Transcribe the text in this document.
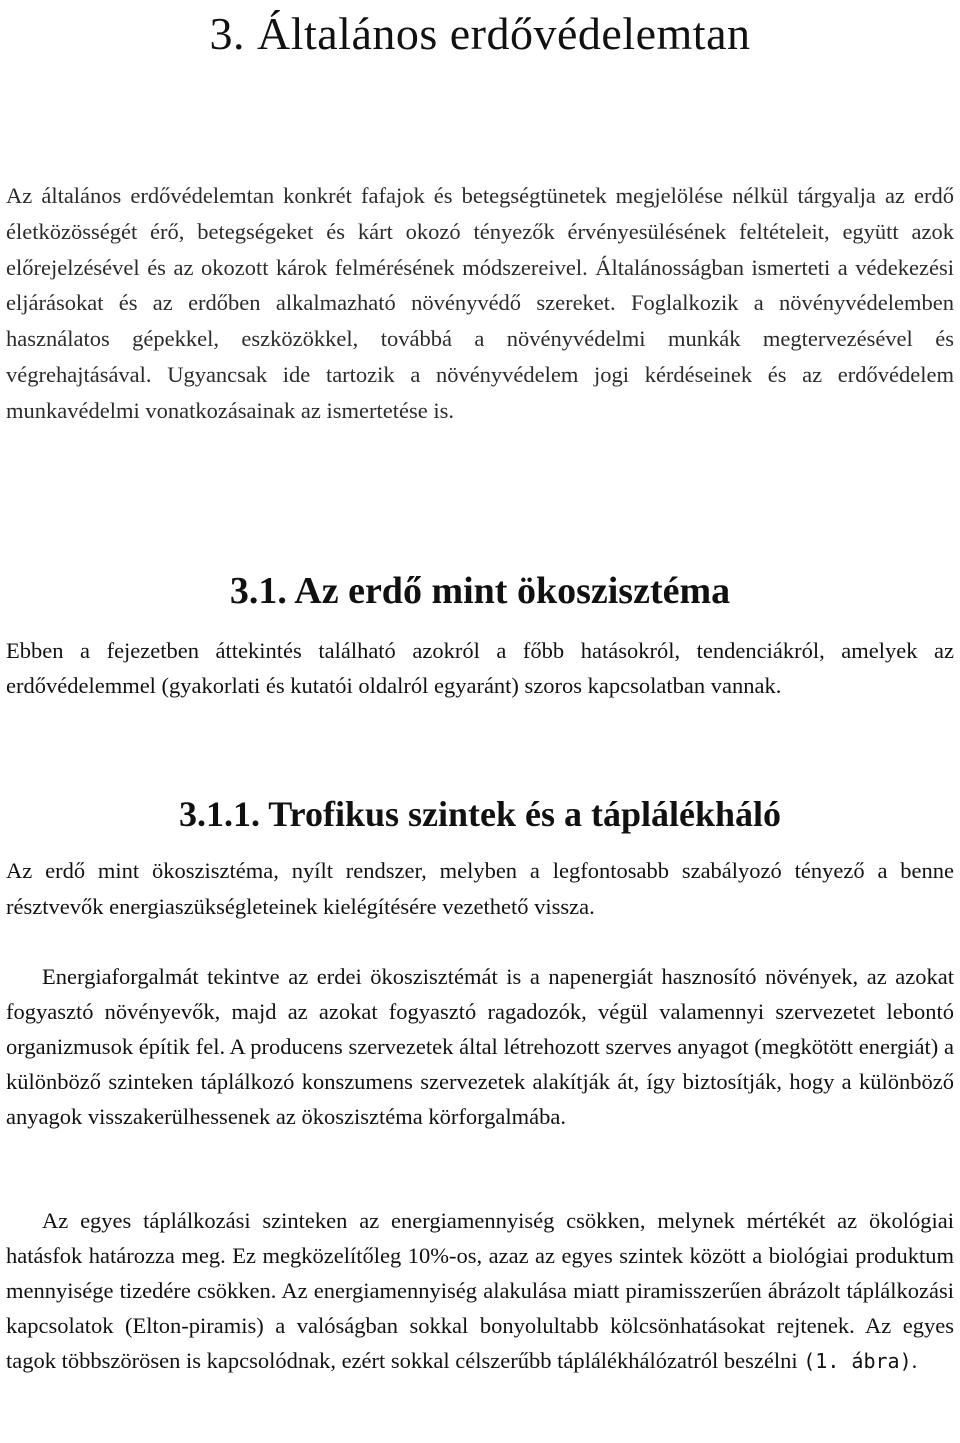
3. Általános erdővédelemtan

Az általános erdővédelemtan konkrét fafajok és betegségtünetek megjelölése nélkül tárgyalja az erdő életközösségét érő, betegségeket és kárt okozó tényezők érvényesülésének feltételeit, együtt azok előrejelzésével és az okozott károk felmérésének módszereivel. Általánosságban ismerteti a védekezési eljárásokat és az erdőben alkalmazható növényvédő szereket. Foglalkozik a növényvédelemben használatos gépekkel, eszközökkel, továbbá a növényvédelmi munkák megtervezésével és végrehajtásával. Ugyancsak ide tartozik a növényvédelem jogi kérdéseinek és az erdővédelem munkavédelmi vonatkozásainak az ismertetése is.

3.1. Az erdő mint ökoszisztéma

Ebben a fejezetben áttekintés található azokról a főbb hatásokról, tendenciákról, amelyek az erdővédelemmel (gyakorlati és kutatói oldalról egyaránt) szoros kapcsolatban vannak.

3.1.1. Trofikus szintek és a táplálékháló

Az erdő mint ökoszisztéma, nyílt rendszer, melyben a legfontosabb szabályozó tényező a benne résztvevők energiaszükségleteinek kielégítésére vezethető vissza.

Energiaforgalmát tekintve az erdei ökoszisztémát is a napenergiát hasznosító növények, az azokat fogyasztó növényevők, majd az azokat fogyasztó ragadozók, végül valamennyi szervezetet lebontó organizmusok építik fel. A producens szervezetek által létrehozott szerves anyagot (megkötött energiát) a különböző szinteken táplálkozó konszumens szervezetek alakítják át, így biztosítják, hogy a különböző anyagok visszakerülhessenek az ökoszisztéma körforgalmába.

Az egyes táplálkozási szinteken az energiamennyiség csökken, melynek mértékét az ökológiai hatásfok határozza meg. Ez megközelítőleg 10%-os, azaz az egyes szintek között a biológiai produktum mennyisége tizedére csökken. Az energiamennyiség alakulása miatt piramisszerűen ábrázolt táplálkozási kapcsolatok (Elton-piramis) a valóságban sokkal bonyolultabb kölcsönhatásokat rejtenek. Az egyes tagok többszörösen is kapcsolódnak, ezért sokkal célszerűbb táplálékhálózatról beszélni (1. ábra).
